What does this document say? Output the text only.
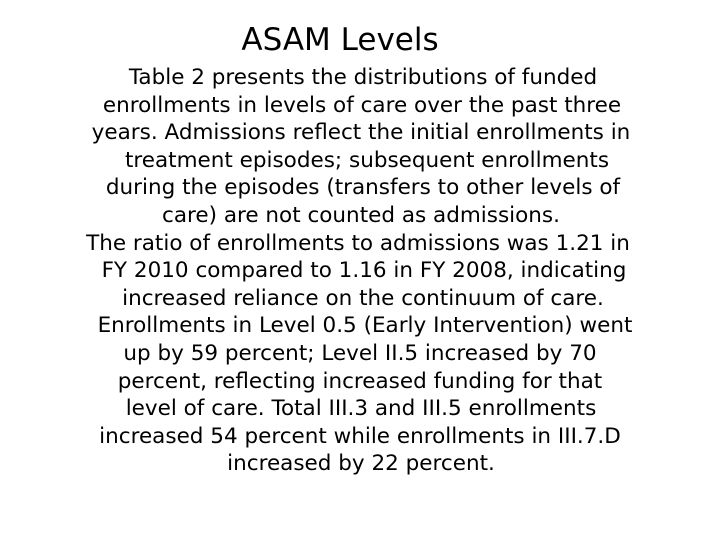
ASAM Levels
Table 2 presents the distributions of funded
enrollments in levels of care over the past three
years. Admissions reflect the initial enrollments in
treatment episodes; subsequent enrollments
during the episodes (transfers to other levels of
care) are not counted as admissions.
The ratio of enrollments to admissions was 1.21 in
FY 2010 compared to 1.16 in FY 2008, indicating
increased reliance on the continuum of care.
Enrollments in Level 0.5 (Early Intervention) went
up by 59 percent; Level II.5 increased by 70
percent, reflecting increased funding for that
level of care. Total III.3 and III.5 enrollments
increased 54 percent while enrollments in III.7.D
increased by 22 percent.
